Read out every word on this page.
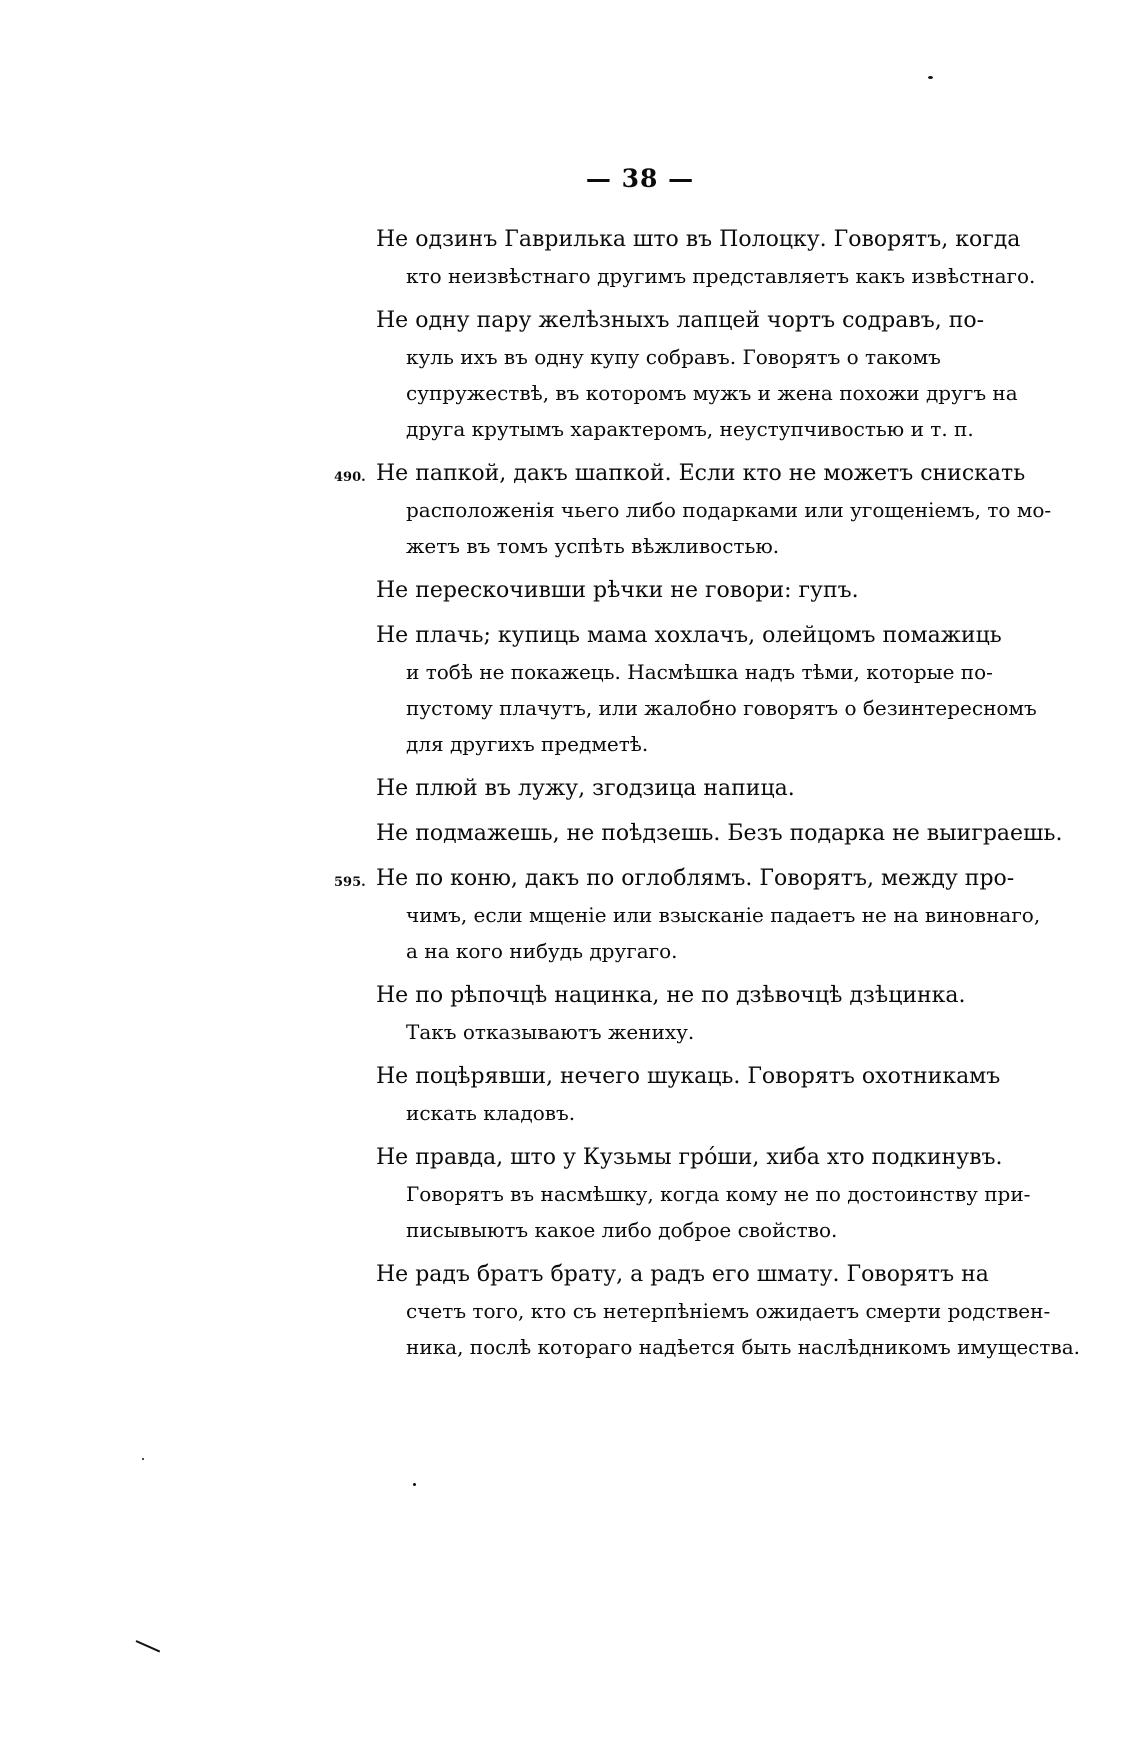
— 38 —
Не одзинъ Гаврилька што въ Полоцку. Говорятъ, когда
кто неизвѣстнаго другимъ представляетъ какъ извѣстнаго.
Не одну пару желѣзныхъ лапцей чортъ содравъ, по-
куль ихъ въ одну купу собравъ. Говорятъ о такомъ
супружествѣ, въ которомъ мужъ и жена похожи другъ на
друга крутымъ характеромъ, неуступчивостью и т. п.
490. Не папкой, дакъ шапкой. Если кто не можетъ снискать
расположенія чьего либо подарками или угощеніемъ, то мо-
жетъ въ томъ успѣть вѣжливостью.
Не перескочивши рѣчки не говори: гупъ.
Не плачь; купиць мама хохлачъ, олейцомъ помажиць
и тобѣ не покажець. Насмѣшка надъ тѣми, которые по-
пустому плачутъ, или жалобно говорятъ о безинтересномъ
для другихъ предметѣ.
Не плюй въ лужу, згодзица напица.
Не подмажешь, не поѣдзешь. Безъ подарка не выиграешь.
595. Не по коню, дакъ по оглоблямъ. Говорятъ, между про-
чимъ, если мщеніе или взысканіе падаетъ не на виновнаго,
а на кого нибудь другаго.
Не по рѣпочцѣ нацинка, не по дзѣвочцѣ дзѣцинка.
Такъ отказываютъ жениху.
Не поцѣрявши, нечего шукаць. Говорятъ охотникамъ
искать кладовъ.
Не правда, што у Кузьмы грóши, хиба хто подкинувъ.
Говорятъ въ насмѣшку, когда кому не по достоинству при-
писывыютъ какое либо доброе свойство.
Не радъ братъ брату, а радъ его шмату. Говорятъ на
счетъ того, кто съ нетерпѣніемъ ожидаетъ смерти родствен-
ника, послѣ котораго надѣется быть наслѣдникомъ имущества.
